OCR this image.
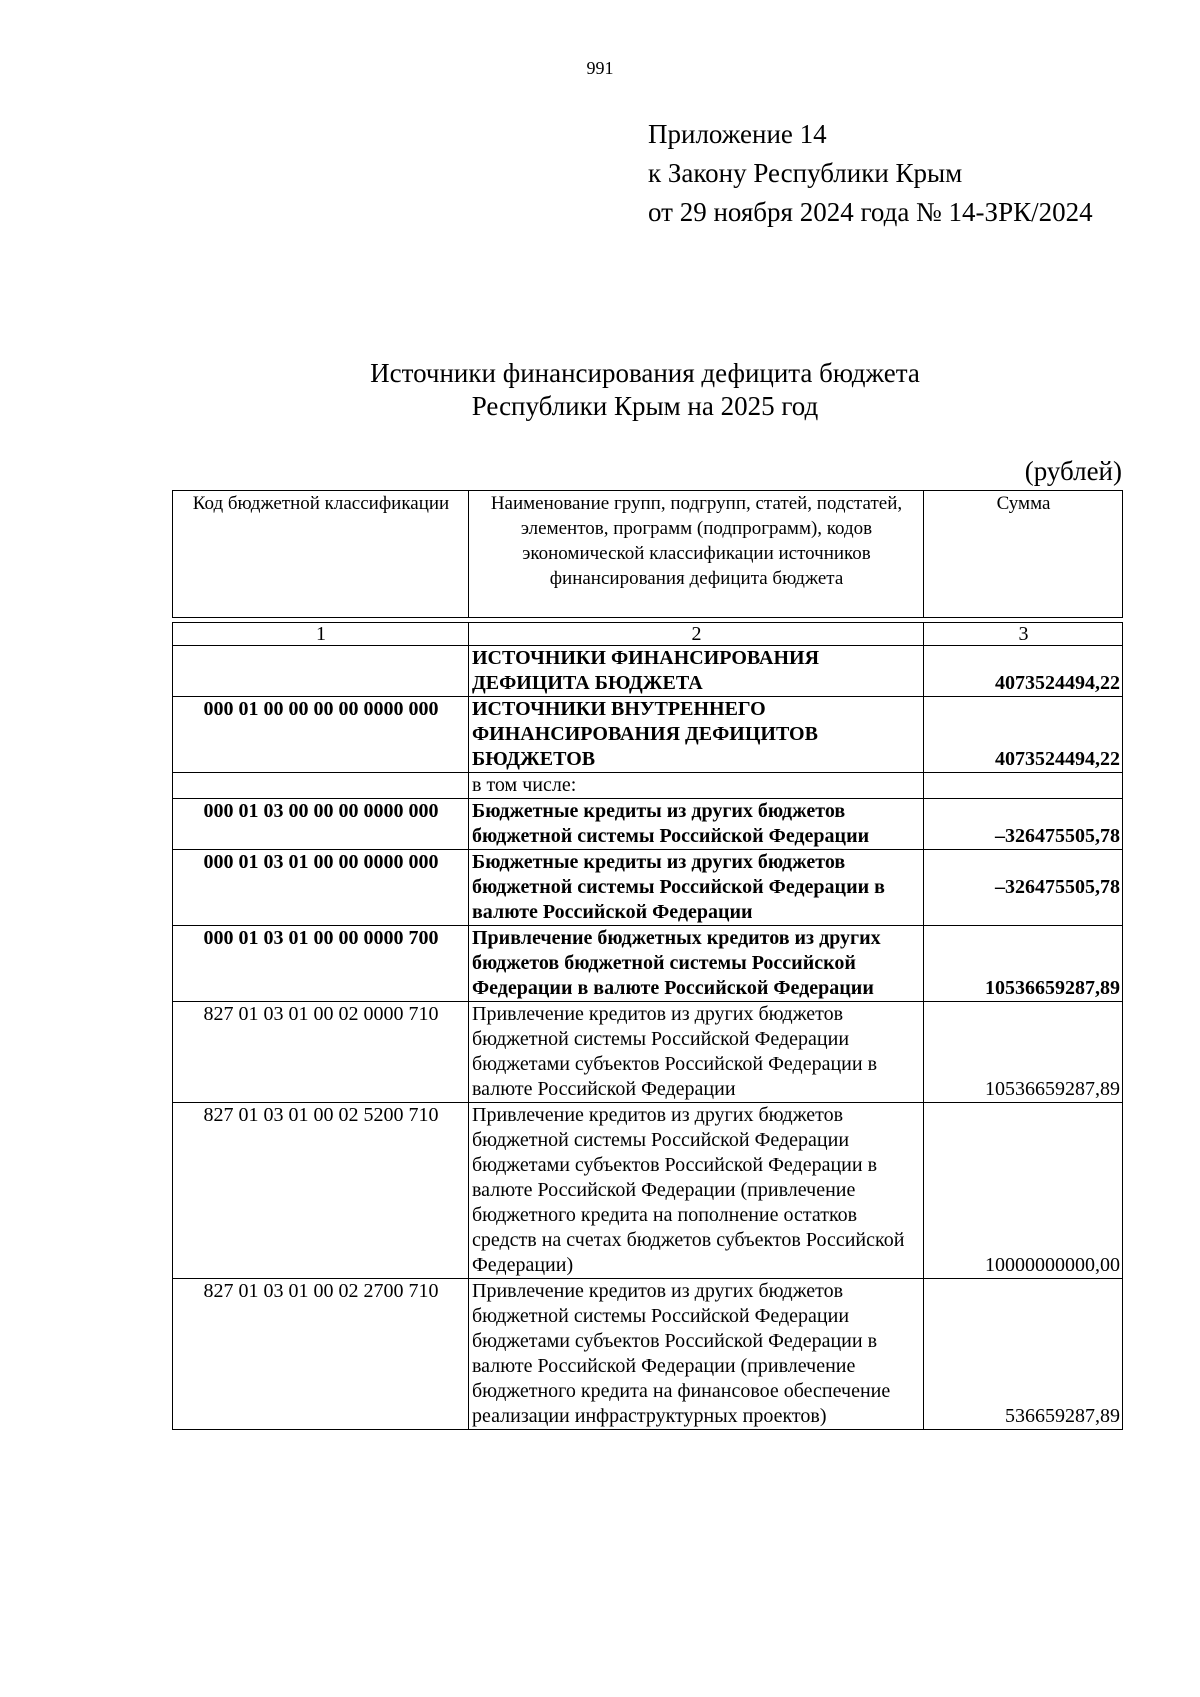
991
Приложение 14
к Закону Республики Крым
от 29 ноября 2024 года № 14-ЗРК/2024
Источники финансирования дефицита бюджета
Республики Крым на 2025 год
(рублей)
Код бюджетной классификации	Наименование групп, подгрупп, статей, подстатей, элементов, программ (подпрограмм), кодов экономической классификации источников финансирования дефицита бюджета	Сумма

1	2	3
	ИСТОЧНИКИ ФИНАНСИРОВАНИЯ ДЕФИЦИТА БЮДЖЕТА	4073524494,22
000 01 00 00 00 00 0000 000	ИСТОЧНИКИ ВНУТРЕННЕГО ФИНАНСИРОВАНИЯ ДЕФИЦИТОВ БЮДЖЕТОВ	4073524494,22
	в том числе:	
000 01 03 00 00 00 0000 000	Бюджетные кредиты из других бюджетов бюджетной системы Российской Федерации	–326475505,78
000 01 03 01 00 00 0000 000	Бюджетные кредиты из других бюджетов бюджетной системы Российской Федерации в валюте Российской Федерации	–326475505,78
000 01 03 01 00 00 0000 700	Привлечение бюджетных кредитов из других бюджетов бюджетной системы Российской Федерации в валюте Российской Федерации	10536659287,89
827 01 03 01 00 02 0000 710	Привлечение кредитов из других бюджетов бюджетной системы Российской Федерации бюджетами субъектов Российской Федерации в валюте Российской Федерации	10536659287,89
827 01 03 01 00 02 5200 710	Привлечение кредитов из других бюджетов бюджетной системы Российской Федерации бюджетами субъектов Российской Федерации в валюте Российской Федерации (привлечение бюджетного кредита на пополнение остатков средств на счетах бюджетов субъектов Российской Федерации)	10000000000,00
827 01 03 01 00 02 2700 710	Привлечение кредитов из других бюджетов бюджетной системы Российской Федерации бюджетами субъектов Российской Федерации в валюте Российской Федерации (привлечение бюджетного кредита на финансовое обеспечение реализации инфраструктурных проектов)	536659287,89
